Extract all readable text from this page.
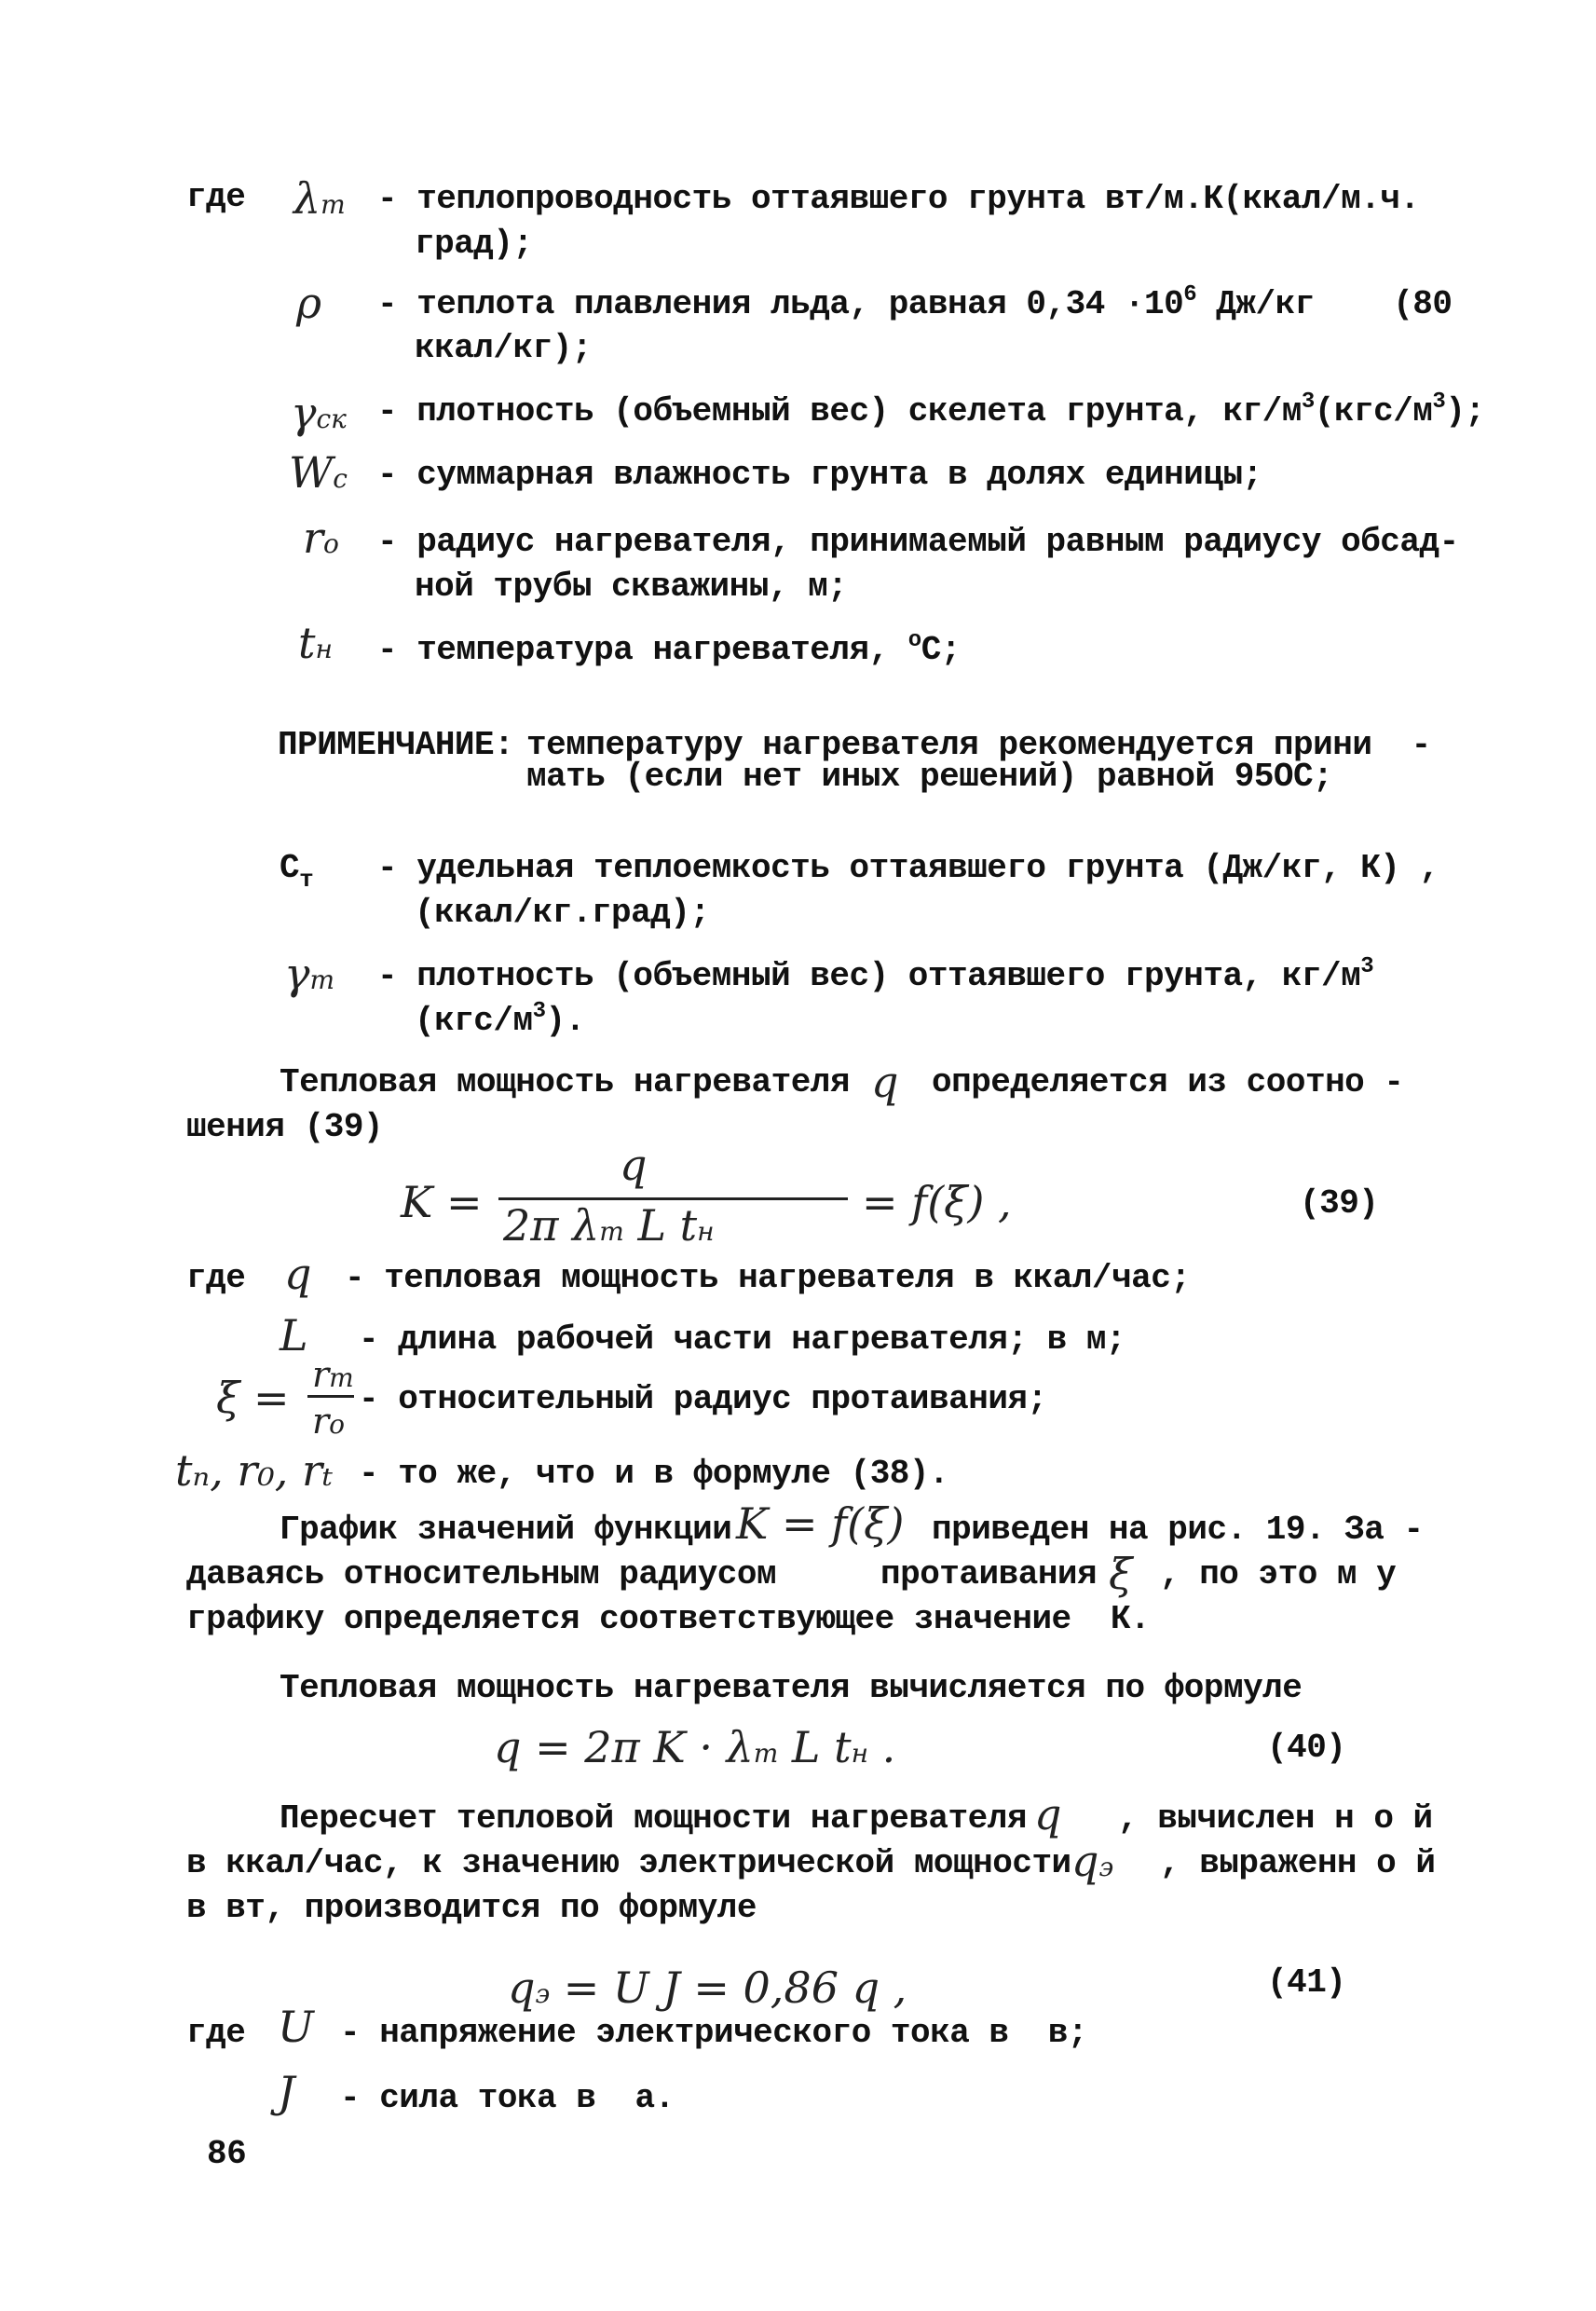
где λт - теплопроводность оттаявшего грунта вт/м.К(ккал/м.ч.
град);
ρ - теплота плавления льда, равная $0,34 \cdot 10^6$ Дж/кг    (80
ккал/кг);
γск - плотность (объемный вес) скелета грунта, $кг/м^3(кгс/м^3)$;
Wc - суммарная влажность грунта в долях единицы;
ro - радиус нагревателя, принимаемый равным радиусу обсад-
ной трубы скважины, м;
tн - температура нагревателя, $^o$С;
ПРИМЕНЧАНИЕ: температуру нагревателя рекомендуется прини  -
мать (если нет иных решений) равной 95ОС;
$С_т$ - удельная теплоемкость оттаявшего грунта (Дж/кг, К) ,
(ккал/кг.град);
γт - плотность (объемный вес) оттаявшего грунта, $кг/м^3$
$(кгс/м^3)$.
Тепловая мощность нагревателя q определяется из соотно -
шения (39)
K =
q
2π λт L tн
= f(ξ) ,	(39)
где q - тепловая мощность нагревателя в ккал/час;
L - длина рабочей части нагревателя; в м;
ξ = rт
ro
- относительный радиус протаивания;
tₙ, r₀, rₜ - то же, что и в формуле (38).
График значений функции K = f(ξ) приведен на рис. 19. За -
даваясь относительным радиусом	протаивания ξ , по это м у
графику определяется соответствующее значение  К.
Тепловая мощность нагревателя вычисляется по формуле
q = 2π K · λт L tн .	(40)
Пересчет тепловой мощности нагревателя q , вычислен н о й
в ккал/час, к значению электрической мощности qэ , выраженн о й
в вт, производится по формуле
qэ = U J = 0,86 q ,	(41)
где U - напряжение электрического тока в  в;
J - сила тока в  а.
86
